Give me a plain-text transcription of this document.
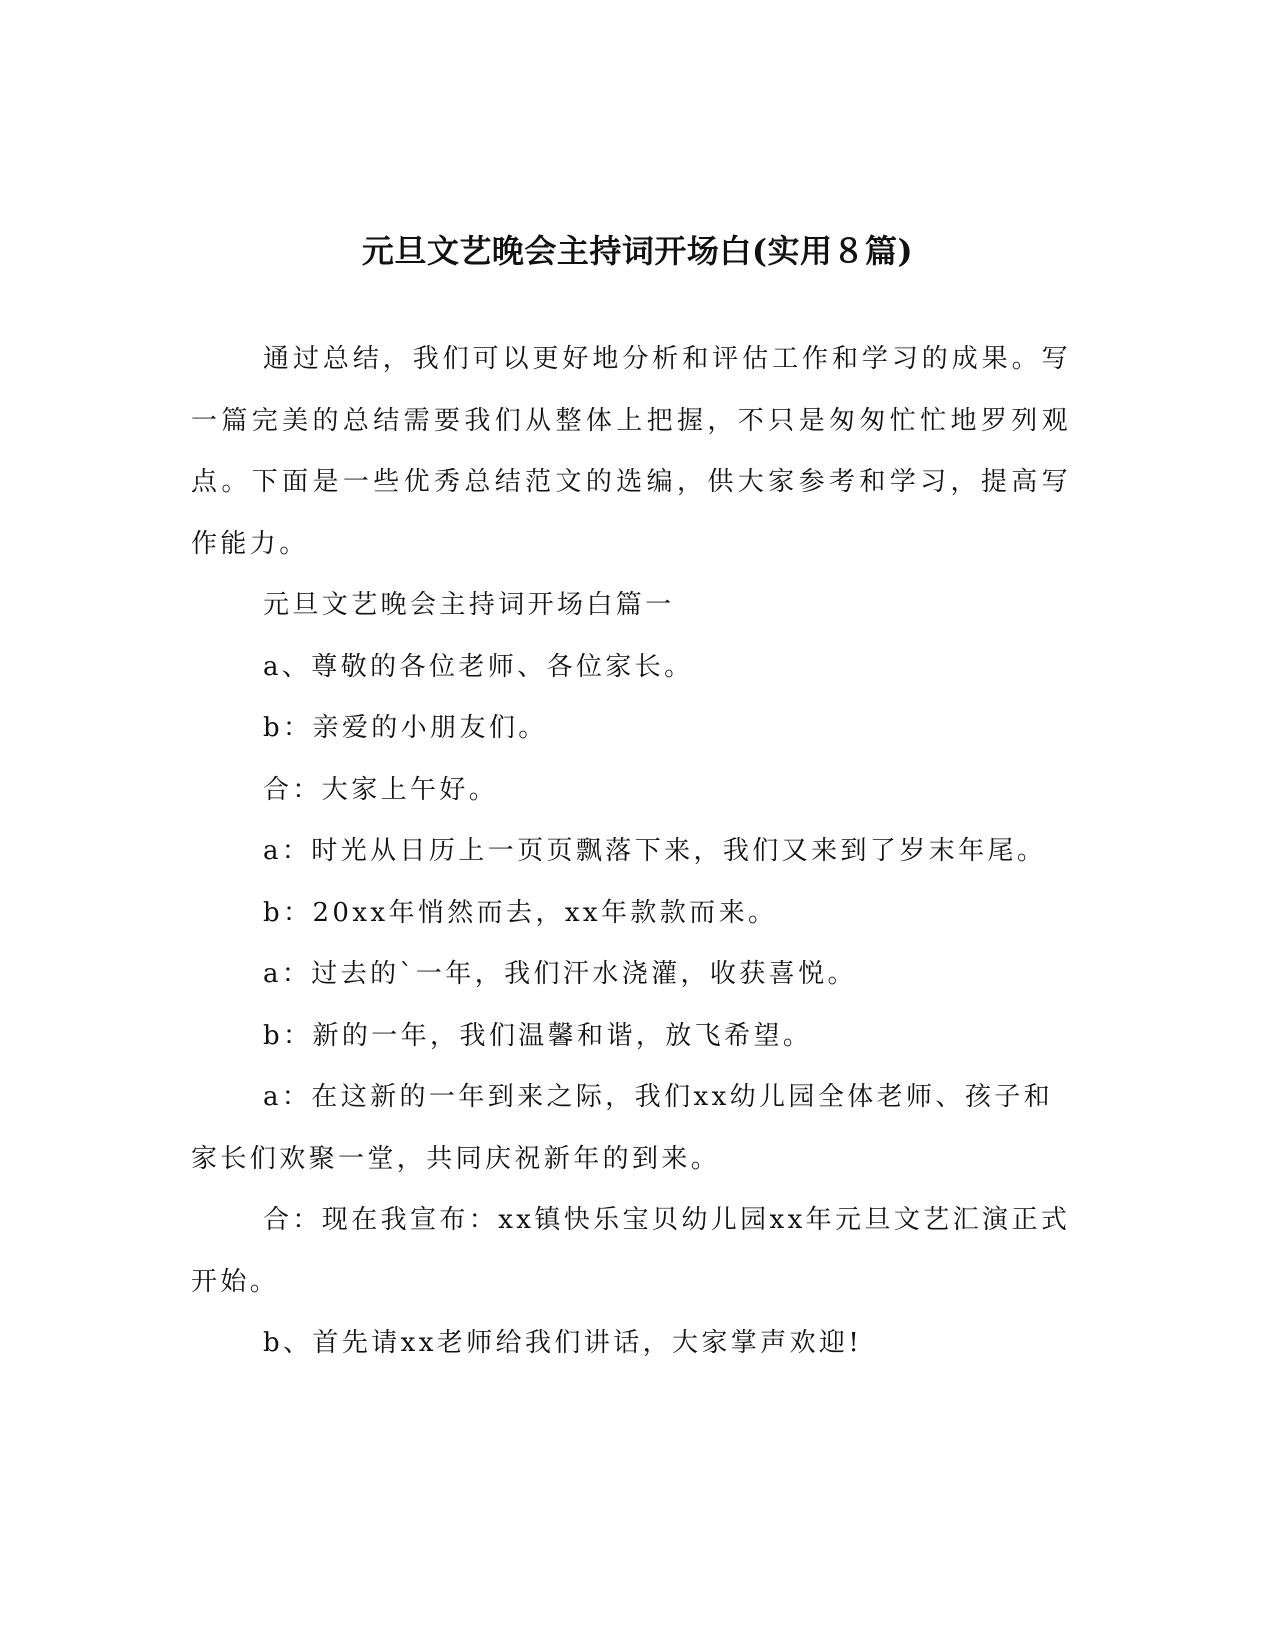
元旦文艺晚会主持词开场白(实用８篇)

通过总结，我们可以更好地分析和评估工作和学习的成果。写一篇完美的总结需要我们从整体上把握，不只是匆匆忙忙地罗列观点。下面是一些优秀总结范文的选编，供大家参考和学习，提高写作能力。

元旦文艺晚会主持词开场白篇一

a、尊敬的各位老师、各位家长。

b：亲爱的小朋友们。

合：大家上午好。

a：时光从日历上一页页飘落下来，我们又来到了岁末年尾。

b：20xx年悄然而去，xx年款款而来。

a：过去的`一年，我们汗水浇灌，收获喜悦。

b：新的一年，我们温馨和谐，放飞希望。

a：在这新的一年到来之际，我们xx幼儿园全体老师、孩子和家长们欢聚一堂，共同庆祝新年的到来。

合：现在我宣布：xx镇快乐宝贝幼儿园xx年元旦文艺汇演正式开始。

b、首先请xx老师给我们讲话，大家掌声欢迎!
